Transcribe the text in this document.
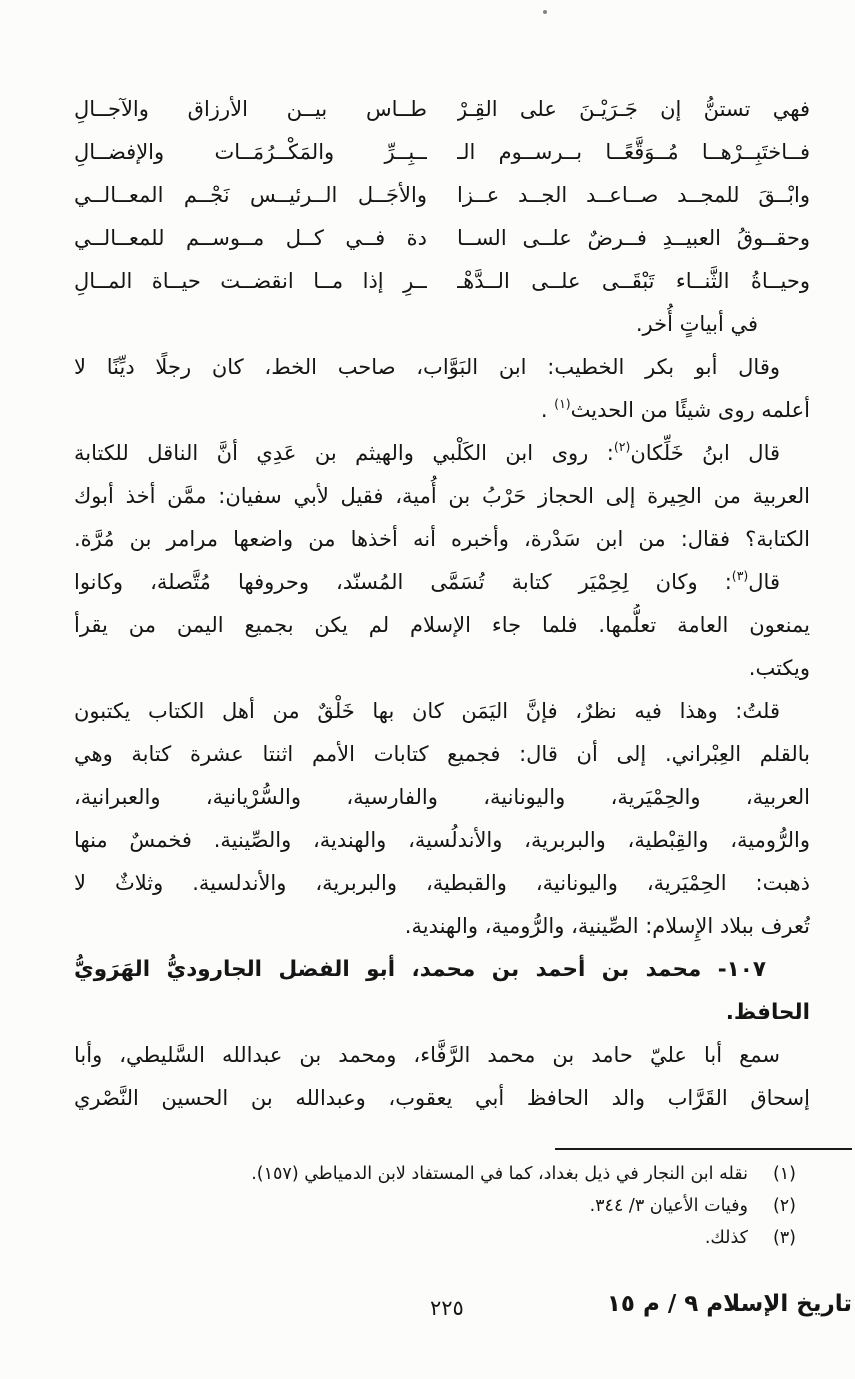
فهي تستنُّ إن جَـرَيْـنَ على القِـرْ
طــاس بيــن الأرزاق والآجــالِ
فــاختَبِــرْهــا مُــوَقَّعًــا بــرســوم الـ
ــبِــرِّ والمَكْــرُمَــات والإفضــالِ
وابْــقَ للمجــد صــاعــد الجــد عــزا
والأجَــل الــرئيــس نَجْــم المعــالــي
وحقــوقُ العبيــدِ فــرضٌ علــى الســا
دة فــي كــل مــوســم للمعــالــي
وحيــاةُ الثَّنــاء تَبْقَــى علــى الــدَّهْـ
ــرِ إذا مــا انقضــت حيــاة المــالِ
في أبياتٍ أُخر.
وقال أبو بكر الخطيب: ابن البَوَّاب، صاحب الخط، كان رجلًا ديِّنًا لا
أعلمه روى شيئًا من الحديث$^{(١)}$ .
قال ابنُ خَلِّكان$^{(٢)}$: روى ابن الكَلْبي والهيثم بن عَدِي أنَّ الناقل للكتابة
العربية من الحِيرة إلى الحجاز حَرْبُ بن أُمية، فقيل لأبي سفيان: ممَّن أخذ أبوك
الكتابة؟ فقال: من ابن سَدْرة، وأخبره أنه أخذها من واضعها مرامر بن مُرَّة.
قال$^{(٣)}$: وكان لِحِمْيَر كتابة تُسَمَّى المُسنّد، وحروفها مُتَّصلة، وكانوا
يمنعون العامة تعلُّمها. فلما جاء الإسلام لم يكن بجميع اليمن من يقرأ
ويكتب.
قلتُ: وهذا فيه نظرٌ، فإنَّ اليَمَن كان بها خَلْقٌ من أهل الكتاب يكتبون
بالقلم العِبْراني. إلى أن قال: فجميع كتابات الأمم اثنتا عشرة كتابة وهي
العربية، والحِمْيَرية، واليونانية، والفارسية، والسُّرْيانية، والعبرانية،
والرُّومية، والقِبْطية، والبربرية، والأندلُسية، والهندية، والصِّينية. فخمسٌ منها
ذهبت: الحِمْيَرية، واليونانية، والقبطية، والبربرية، والأندلسية. وثلاثٌ لا
تُعرف ببلاد الإِسلام: الصِّينية، والرُّومية، والهندية.
١٠٧- محمد بن أحمد بن محمد، أبو الفضل الجاروديُّ الهَرَويُّ
الحافظ.
سمع أبا عليّ حامد بن محمد الرَّفَّاء، ومحمد بن عبدالله السَّليطي، وأبا
إسحاق القَرَّاب والد الحافظ أبي يعقوب، وعبدالله بن الحسين النَّصْري
(١)
نقله ابن النجار في ذيل بغداد، كما في المستفاد لابن الدمياطي (١٥٧).
(٢)
وفيات الأعيان ٣/ ٣٤٤.
(٣)
كذلك.
تاريخ الإسلام ٩ / م ١٥
٢٢٥
